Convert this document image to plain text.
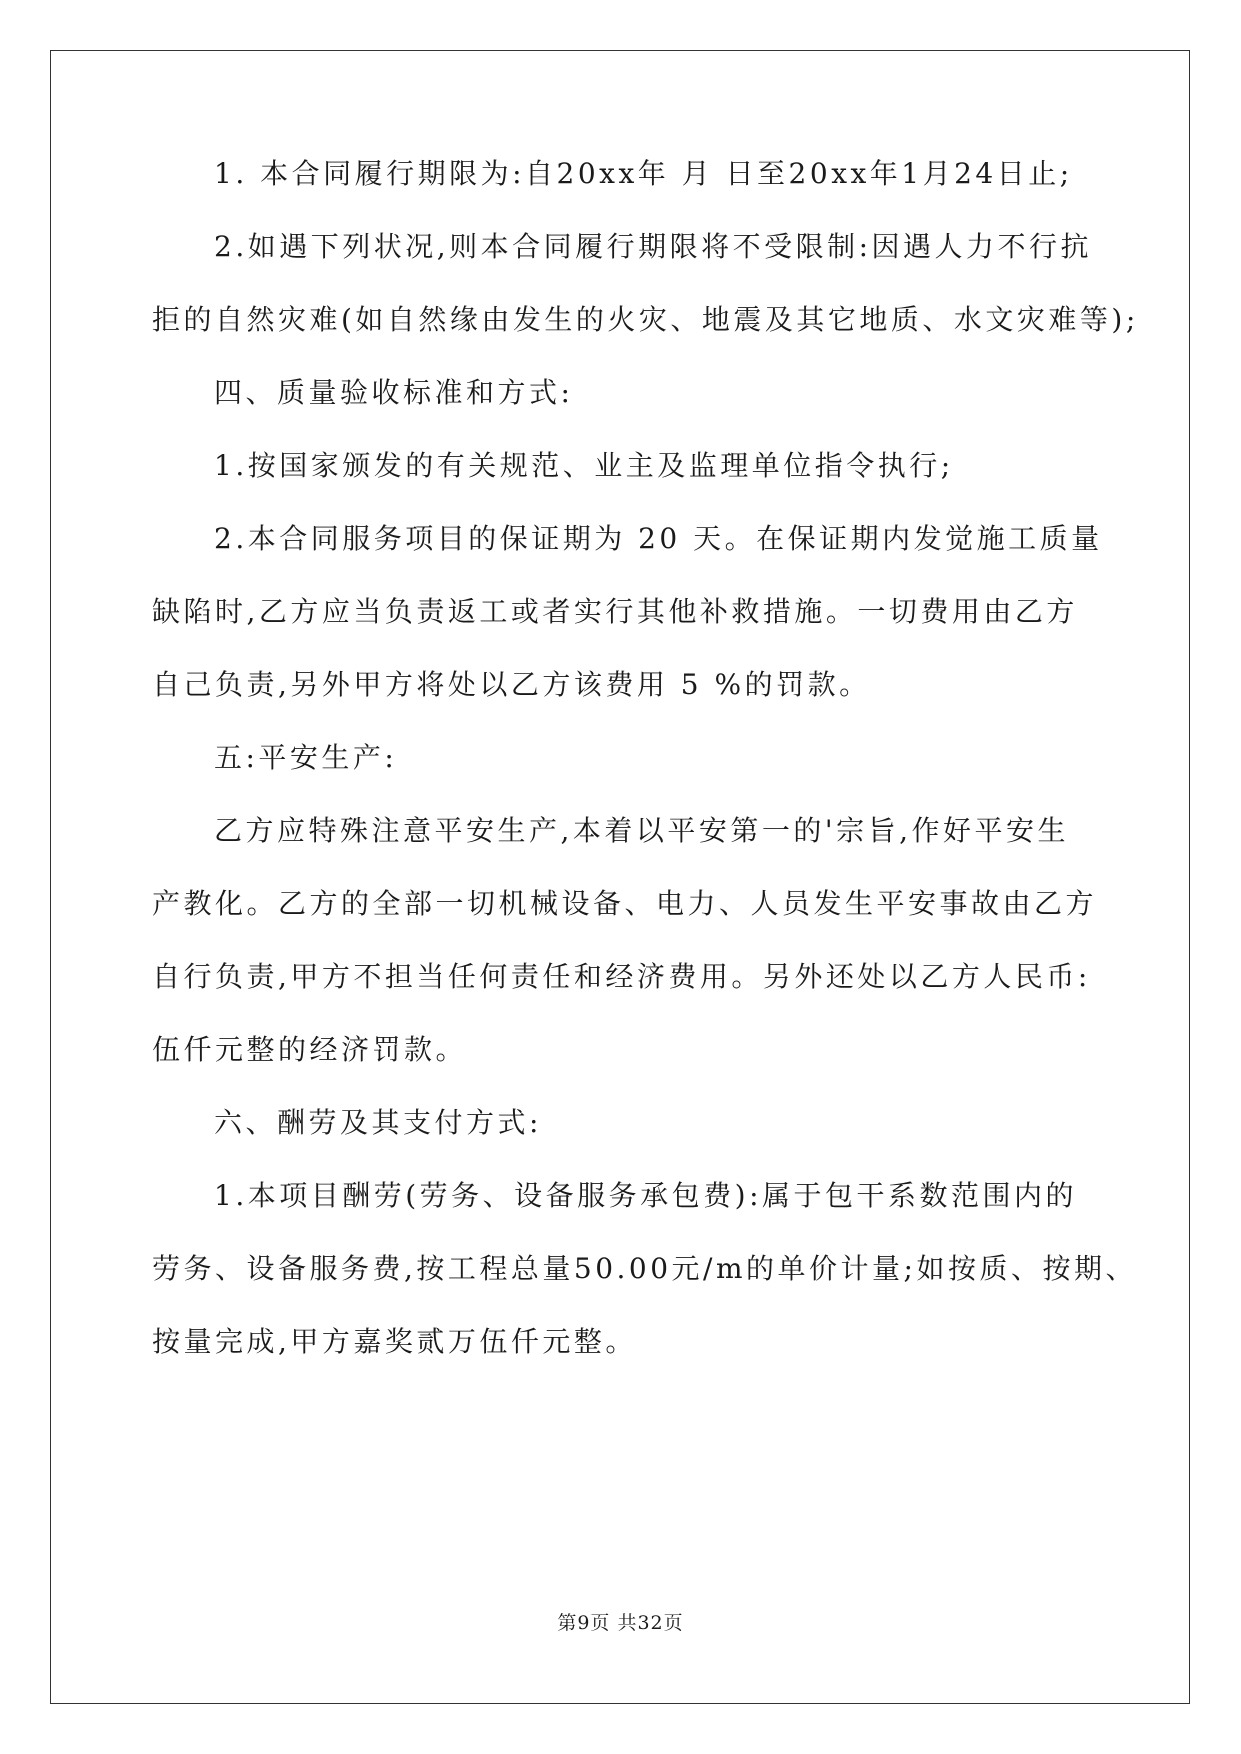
1. 本合同履行期限为:自20xx年 月 日至20xx年1月24日止;
2.如遇下列状况,则本合同履行期限将不受限制:因遇人力不行抗
拒的自然灾难(如自然缘由发生的火灾、地震及其它地质、水文灾难等);
四、质量验收标准和方式:
1.按国家颁发的有关规范、业主及监理单位指令执行;
2.本合同服务项目的保证期为 20 天。在保证期内发觉施工质量
缺陷时,乙方应当负责返工或者实行其他补救措施。一切费用由乙方
自己负责,另外甲方将处以乙方该费用 5 %的罚款。
五:平安生产:
乙方应特殊注意平安生产,本着以平安第一的'宗旨,作好平安生
产教化。乙方的全部一切机械设备、电力、人员发生平安事故由乙方
自行负责,甲方不担当任何责任和经济费用。另外还处以乙方人民币:
伍仟元整的经济罚款。
六、酬劳及其支付方式:
1.本项目酬劳(劳务、设备服务承包费):属于包干系数范围内的
劳务、设备服务费,按工程总量50.00元/m的单价计量;如按质、按期、
按量完成,甲方嘉奖贰万伍仟元整。
第9页 共32页
